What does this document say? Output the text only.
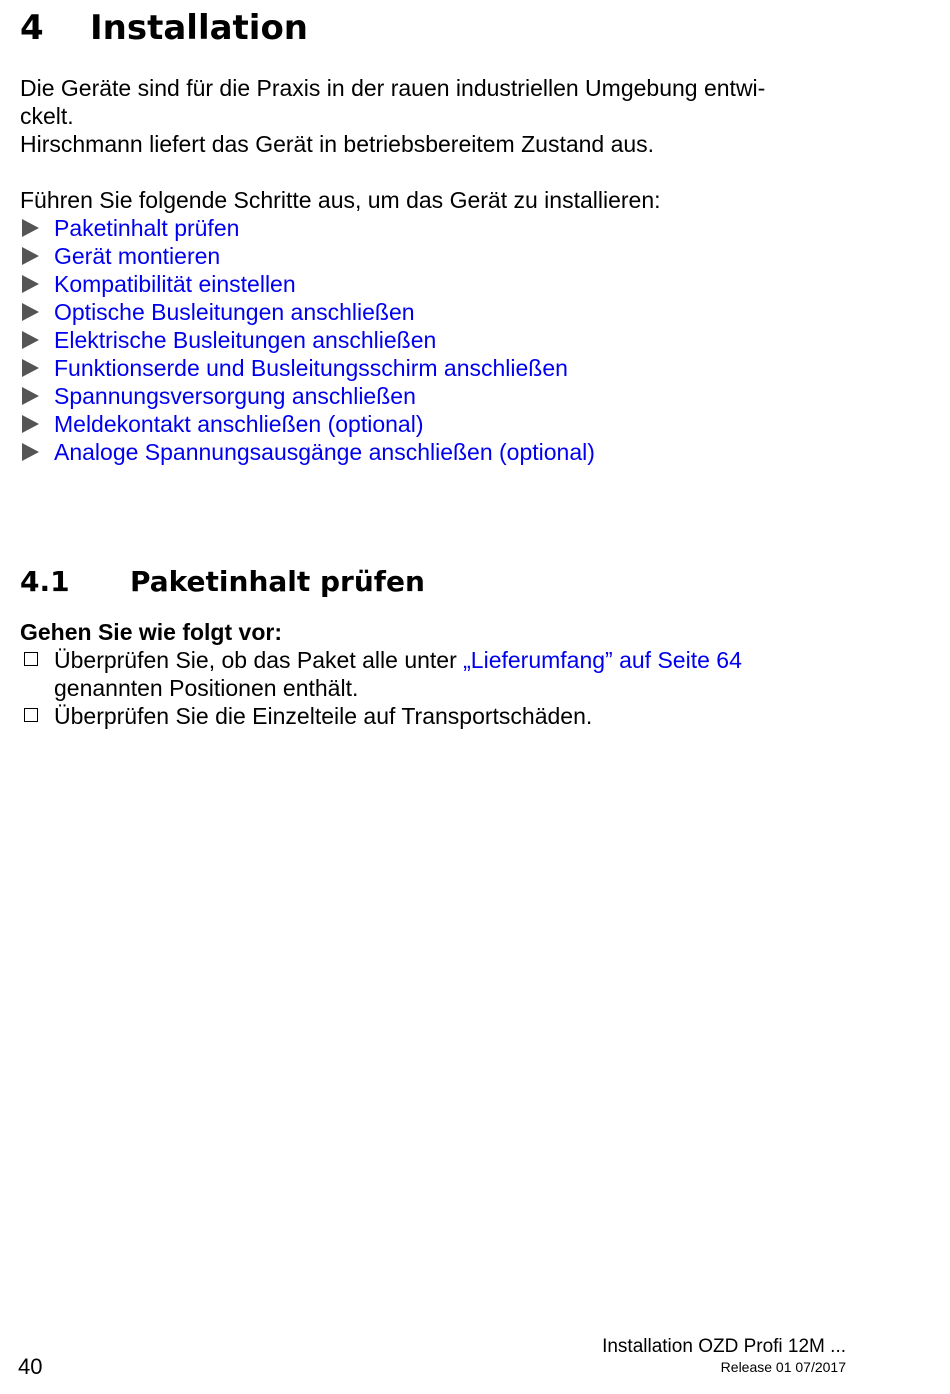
4 Installation

Die Geräte sind für die Praxis in der rauen industriellen Umgebung entwi-

ckelt.

Hirschmann liefert das Gerät in betriebsbereitem Zustand aus.

Führen Sie folgende Schritte aus, um das Gerät zu installieren:

Paketinhalt prüfen
Gerät montieren
Kompatibilität einstellen
Optische Busleitungen anschließen
Elektrische Busleitungen anschließen
Funktionserde und Busleitungsschirm anschließen
Spannungsversorgung anschließen
Meldekontakt anschließen (optional)
Analoge Spannungsausgänge anschließen (optional)
4.1 Paketinhalt prüfen

Gehen Sie wie folgt vor:

Überprüfen Sie, ob das Paket alle unter „Lieferumfang” auf Seite 64
genannten Positionen enthält.
Überprüfen Sie die Einzelteile auf Transportschäden.
40
Installation OZD Profi 12M ...
Release 01 07/2017
